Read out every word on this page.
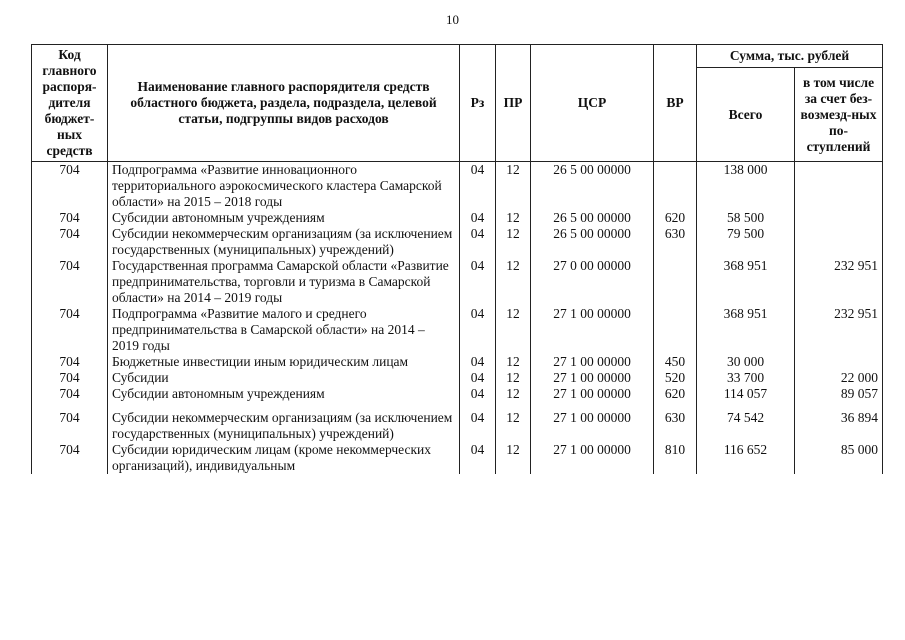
10
Код главного распоря-дителя бюджет-ных средств	Наименование главного распорядителя средств областного бюджета, раздела, подраздела, целевой статьи, подгруппы видов расходов	Рз	ПР	ЦСР	ВР	Сумма, тыс. рублей	
						Всего	в том числе за счет без-возмезд-ных по-ступлений
704	Подпрограмма «Развитие инновационного территориального аэрокосмического кластера Самарской области» на 2015 – 2018 годы	04	12	26 5 00 00000		138 000	
704	Субсидии автономным учреждениям	04	12	26 5 00 00000	620	58 500	
704	Субсидии некоммерческим организациям (за исключением государственных (муниципальных) учреждений)	04	12	26 5 00 00000	630	79 500	
704	Государственная программа Самарской области «Развитие предпринимательства, торговли и туризма в Самарской области» на 2014 – 2019 годы	04	12	27 0 00 00000		368 951	232 951
704	Подпрограмма «Развитие малого и среднего предпринимательства в Самарской области» на 2014 – 2019 годы	04	12	27 1 00 00000		368 951	232 951
704	Бюджетные инвестиции иным юридическим лицам	04	12	27 1 00 00000	450	30 000	
704	Субсидии	04	12	27 1 00 00000	520	33 700	22 000
704	Субсидии автономным учреждениям	04	12	27 1 00 00000	620	114 057	89 057
704	Субсидии некоммерческим организациям (за исключением государственных (муниципальных) учреждений)	04	12	27 1 00 00000	630	74 542	36 894
704	Субсидии юридическим лицам (кроме некоммерческих организаций), индивидуальным	04	12	27 1 00 00000	810	116 652	85 000
